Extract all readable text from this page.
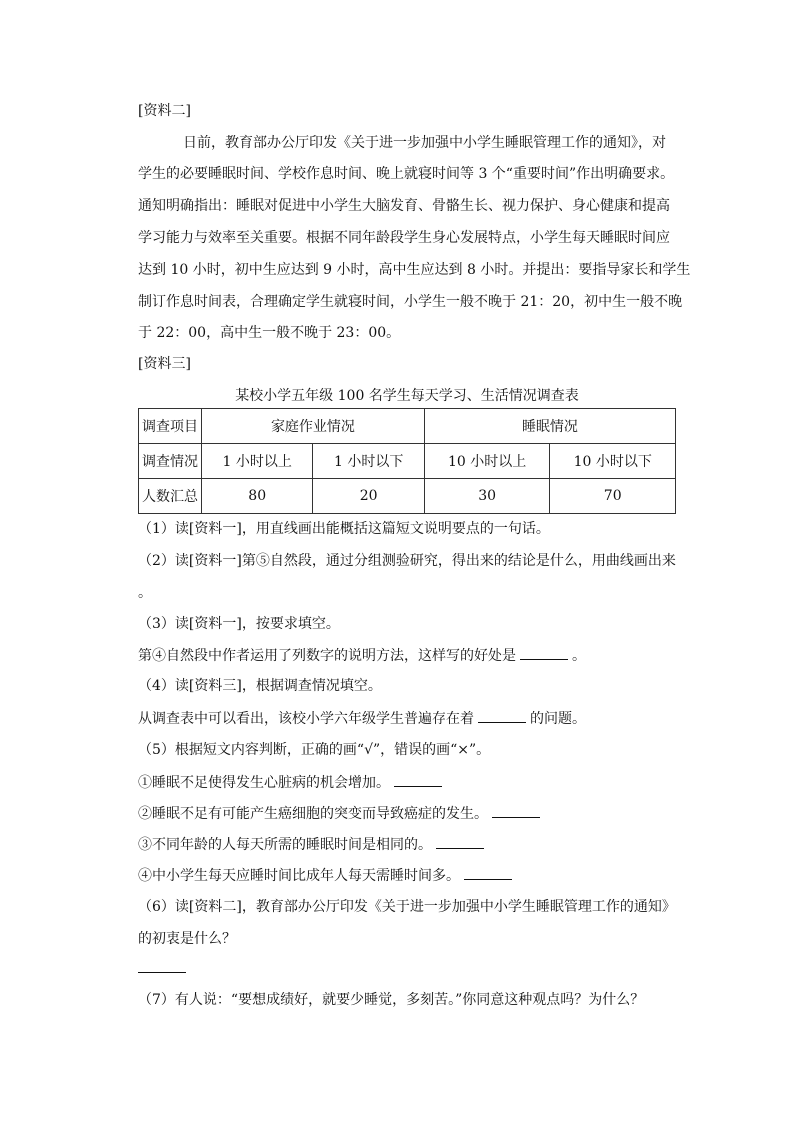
[资料二]
日前，教育部办公厅印发《关于进一步加强中小学生睡眠管理工作的通知》，对
学生的必要睡眠时间、学校作息时间、晚上就寝时间等 3 个“重要时间”作出明确要求。
通知明确指出：睡眠对促进中小学生大脑发育、骨骼生长、视力保护、身心健康和提高
学习能力与效率至关重要。根据不同年龄段学生身心发展特点，小学生每天睡眠时间应
达到 10 小时，初中生应达到 9 小时，高中生应达到 8 小时。并提出：要指导家长和学生
制订作息时间表，合理确定学生就寝时间，小学生一般不晚于 21：20，初中生一般不晚
于 22：00，高中生一般不晚于 23：00。
[资料三]
某校小学五年级 100 名学生每天学习、生活情况调查表
调查项目	家庭作业情况		睡眠情况	
调查情况	1 小时以上	1 小时以下	10 小时以上	10 小时以下
人数汇总	80	20	30	70
（1）读[资料一]，用直线画出能概括这篇短文说明要点的一句话。
（2）读[资料一]第⑤自然段，通过分组测验研究，得出来的结论是什么，用曲线画出来
。
（3）读[资料一]，按要求填空。
第④自然段中作者运用了列数字的说明方法，这样写的好处是	。
（4）读[资料三]，根据调查情况填空。
从调查表中可以看出，该校小学六年级学生普遍存在着	的问题。
（5）根据短文内容判断，正确的画“√”，错误的画“×”。
①睡眠不足使得发生心脏病的机会增加。
②睡眠不足有可能产生癌细胞的突变而导致癌症的发生。
③不同年龄的人每天所需的睡眠时间是相同的。
④中小学生每天应睡时间比成年人每天需睡时间多。
（6）读[资料二]，教育部办公厅印发《关于进一步加强中小学生睡眠管理工作的通知》
的初衷是什么？
（7）有人说：“要想成绩好，就要少睡觉，多刻苦。”你同意这种观点吗？为什么？
